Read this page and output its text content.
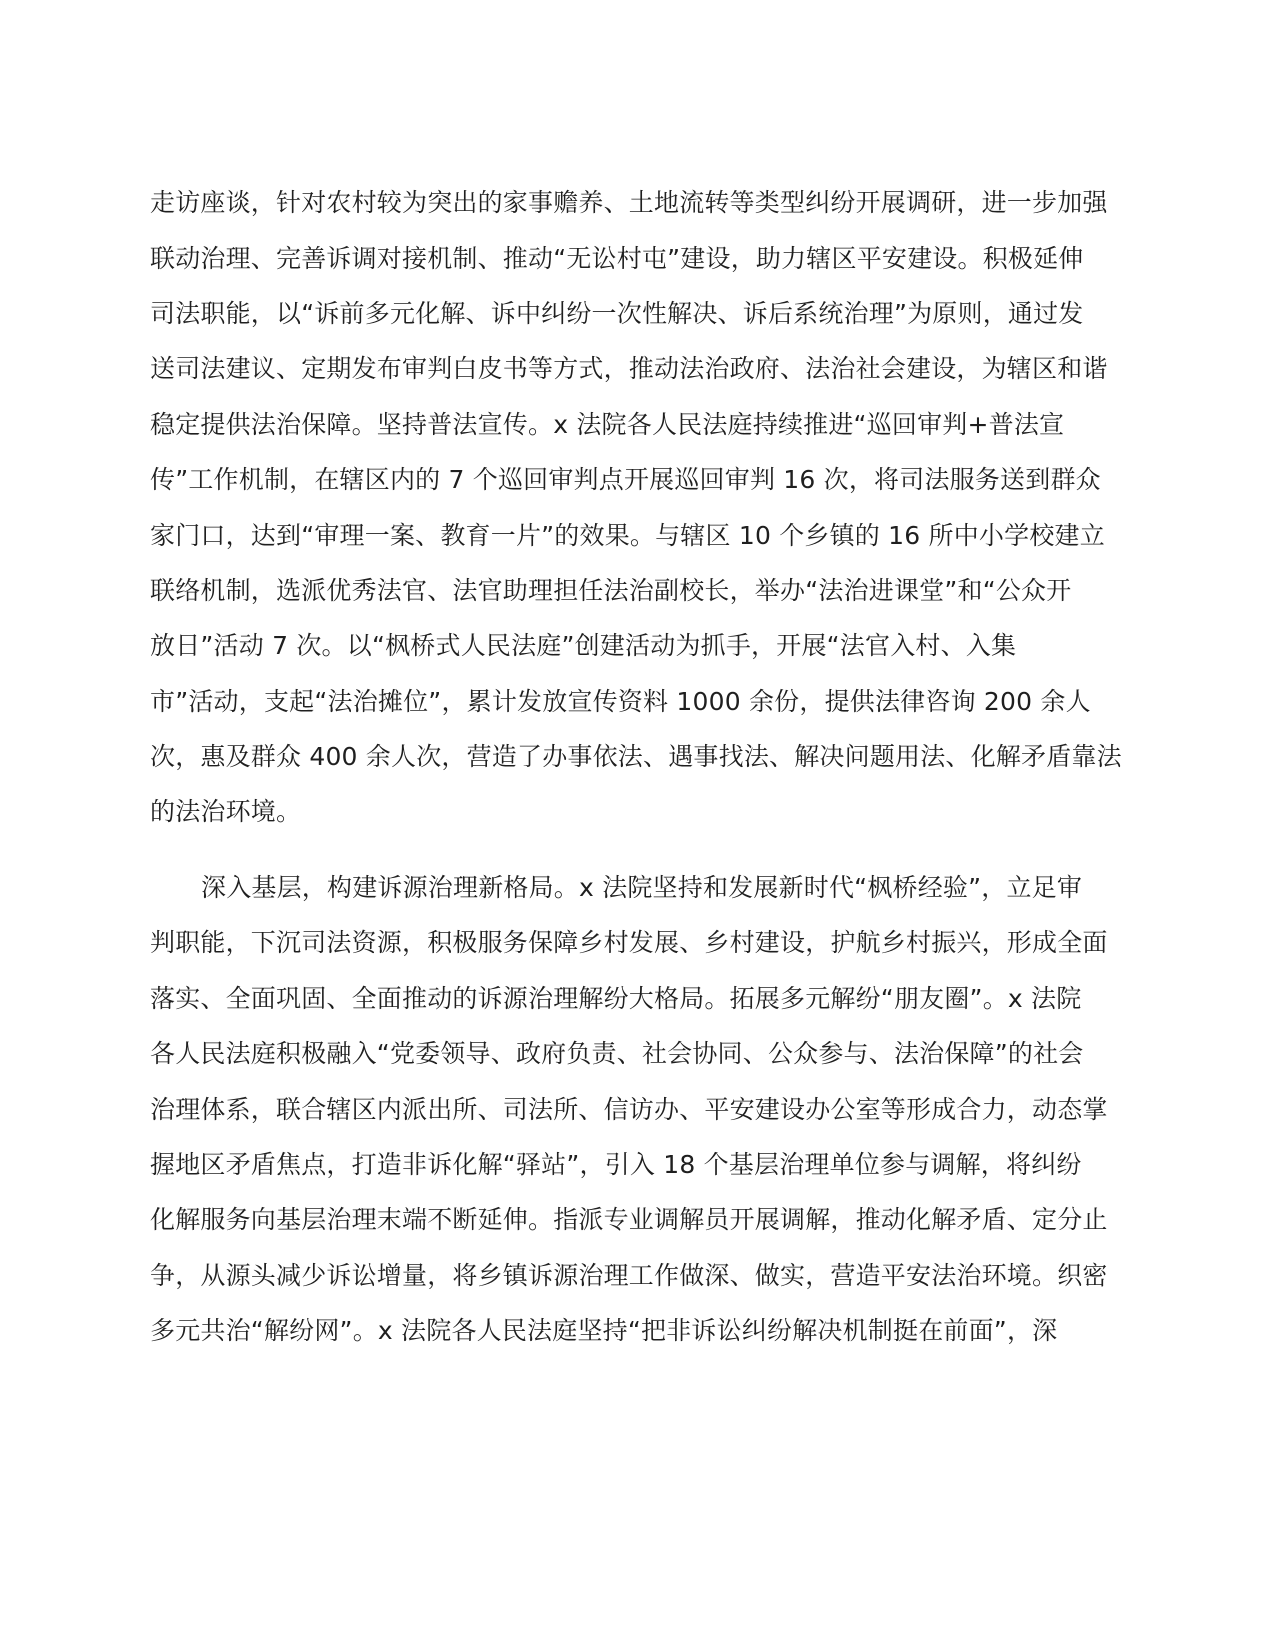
走访座谈，针对农村较为突出的家事赡养、土地流转等类型纠纷开展调研，进一步加强
联动治理、完善诉调对接机制、推动“无讼村屯”建设，助力辖区平安建设。积极延伸
司法职能，以“诉前多元化解、诉中纠纷一次性解决、诉后系统治理”为原则，通过发
送司法建议、定期发布审判白皮书等方式，推动法治政府、法治社会建设，为辖区和谐
稳定提供法治保障。坚持普法宣传。x 法院各人民法庭持续推进“巡回审判+普法宣
传”工作机制，在辖区内的 7 个巡回审判点开展巡回审判 16 次，将司法服务送到群众
家门口，达到“审理一案、教育一片”的效果。与辖区 10 个乡镇的 16 所中小学校建立
联络机制，选派优秀法官、法官助理担任法治副校长，举办“法治进课堂”和“公众开
放日”活动 7 次。以“枫桥式人民法庭”创建活动为抓手，开展“法官入村、入集
市”活动，支起“法治摊位”，累计发放宣传资料 1000 余份，提供法律咨询 200 余人
次，惠及群众 400 余人次，营造了办事依法、遇事找法、解决问题用法、化解矛盾靠法
的法治环境。
深入基层，构建诉源治理新格局。x 法院坚持和发展新时代“枫桥经验”，立足审
判职能，下沉司法资源，积极服务保障乡村发展、乡村建设，护航乡村振兴，形成全面
落实、全面巩固、全面推动的诉源治理解纷大格局。拓展多元解纷“朋友圈”。x 法院
各人民法庭积极融入“党委领导、政府负责、社会协同、公众参与、法治保障”的社会
治理体系，联合辖区内派出所、司法所、信访办、平安建设办公室等形成合力，动态掌
握地区矛盾焦点，打造非诉化解“驿站”，引入 18 个基层治理单位参与调解，将纠纷
化解服务向基层治理末端不断延伸。指派专业调解员开展调解，推动化解矛盾、定分止
争，从源头减少诉讼增量，将乡镇诉源治理工作做深、做实，营造平安法治环境。织密
多元共治“解纷网”。x 法院各人民法庭坚持“把非诉讼纠纷解决机制挺在前面”，深
